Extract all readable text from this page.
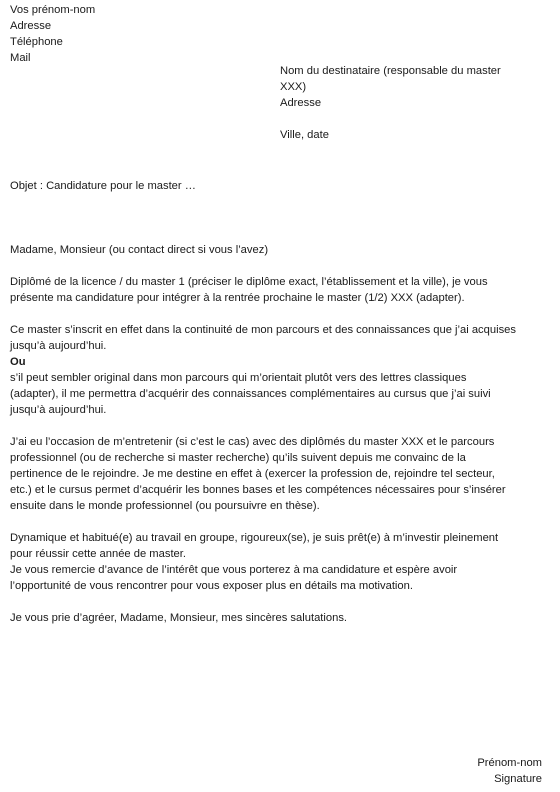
Vos prénom-nom
Adresse
Téléphone
Mail
Nom du destinataire (responsable du master
XXX)
Adresse
Ville, date

Objet : Candidature pour le master …

Madame, Monsieur (ou contact direct si vous l’avez)

Diplômé de la licence / du master 1 (préciser le diplôme exact, l’établissement et la ville), je vous
présente ma candidature pour intégrer à la rentrée prochaine le master (1/2) XXX (adapter).

Ce master s’inscrit en effet dans la continuité de mon parcours et des connaissances que j’ai acquises
jusqu’à aujourd’hui.

Ou

s’il peut sembler original dans mon parcours qui m’orientait plutôt vers des lettres classiques
(adapter), il me permettra d’acquérir des connaissances complémentaires au cursus que j’ai suivi
jusqu’à aujourd’hui.

J’ai eu l’occasion de m’entretenir (si c’est le cas) avec des diplômés du master XXX et le parcours
professionnel (ou de recherche si master recherche) qu’ils suivent depuis me convainc de la
pertinence de le rejoindre. Je me destine en effet à (exercer la profession de, rejoindre tel secteur,
etc.) et le cursus permet d’acquérir les bonnes bases et les compétences nécessaires pour s’insérer
ensuite dans le monde professionnel (ou poursuivre en thèse).

Dynamique et habitué(e) au travail en groupe, rigoureux(se), je suis prêt(e) à m’investir pleinement
pour réussir cette année de master.
Je vous remercie d’avance de l’intérêt que vous porterez à ma candidature et espère avoir
l’opportunité de vous rencontrer pour vous exposer plus en détails ma motivation.

Je vous prie d’agréer, Madame, Monsieur, mes sincères salutations.

Prénom-nom
Signature
